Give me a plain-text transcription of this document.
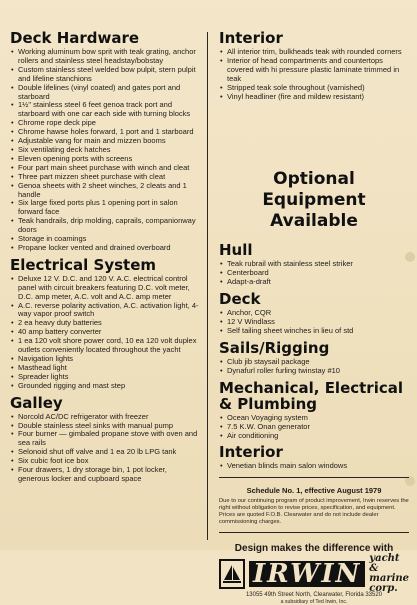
Deck Hardware
• Working aluminum bow sprit with teak grating, anchor rollers and stainless steel headstay/bobstay
• Custom stainless steel welded bow pulpit, stern pulpit and lifeline stanchions
• Double lifelines (vinyl coated) and gates port and starboard
• 1½" stainless steel 6 feet genoa track port and starboard with one car each side with turning blocks
• Chrome rope deck pipe
• Chrome hawse holes forward, 1 port and 1 starboard
• Adjustable vang for main and mizzen booms
• Six ventilating deck hatches
• Eleven opening ports with screens
• Four part main sheet purchase with winch and cleat
• Three part mizzen sheet purchase with cleat
• Genoa sheets with 2 sheet winches, 2 cleats and 1 handle
• Six large fixed ports plus 1 opening port in salon forward face
• Teak handrails, drip molding, caprails, companionway doors
• Storage in coamings
• Propane locker vented and drained overboard
Electrical System
• Deluxe 12 V. D.C. and 120 V. A.C. electrical control panel with circuit breakers featuring D.C. volt meter, D.C. amp meter, A.C. volt and A.C. amp meter
• A.C. reverse polarity activation, A.C. activation light, 4-way vapor proof switch
• 2 ea heavy duty batteries
• 40 amp battery converter
• 1 ea 120 volt shore power cord, 10 ea 120 volt duplex outlets conveniently located throughout the yacht
• Navigation lights
• Masthead light
• Spreader lights
• Grounded rigging and mast step
Galley
• Norcold AC/DC refrigerator with freezer
• Double stainless steel sinks with manual pump
• Four burner — gimbaled propane stove with oven and sea rails
• Selonoid shut off valve and 1 ea 20 lb LPG tank
• Six cubic foot ice box
• Four drawers, 1 dry storage bin, 1 pot locker, generous locker and cupboard space
Interior
• All interior trim, bulkheads teak with rounded corners
• Interior of head compartments and countertops covered with hi pressure plastic laminate trimmed in teak
• Stripped teak sole throughout (varnished)
• Vinyl headliner (fire and mildew resistant)
Optional
Equipment
Available
Hull
• Teak rubrail with stainless steel striker
• Centerboard
• Adapt-a-draft
Deck
• Anchor, CQR
• 12 V Windlass
• Self tailing sheet winches in lieu of std
Sails/Rigging
• Club jib staysail package
• Dynafurl roller furling twinstay #10
Mechanical, Electrical & Plumbing
• Ocean Voyaging system
• 7.5 K.W. Onan generator
• Air conditioning
Interior
• Venetian blinds main salon windows
Schedule No. 1, effective August 1979
Due to our continuing program of product improvement, Irwin reserves the right without obligation to revise prices, specification, and equipment. Prices are quoted F.O.B. Clearwater and do not include dealer commissioning charges.
Design makes the difference with
IRWIN
yacht & marine corp.
13055 49th Street North, Clearwater, Florida 33520
a subsidiary of Ted Irwin, Inc.
